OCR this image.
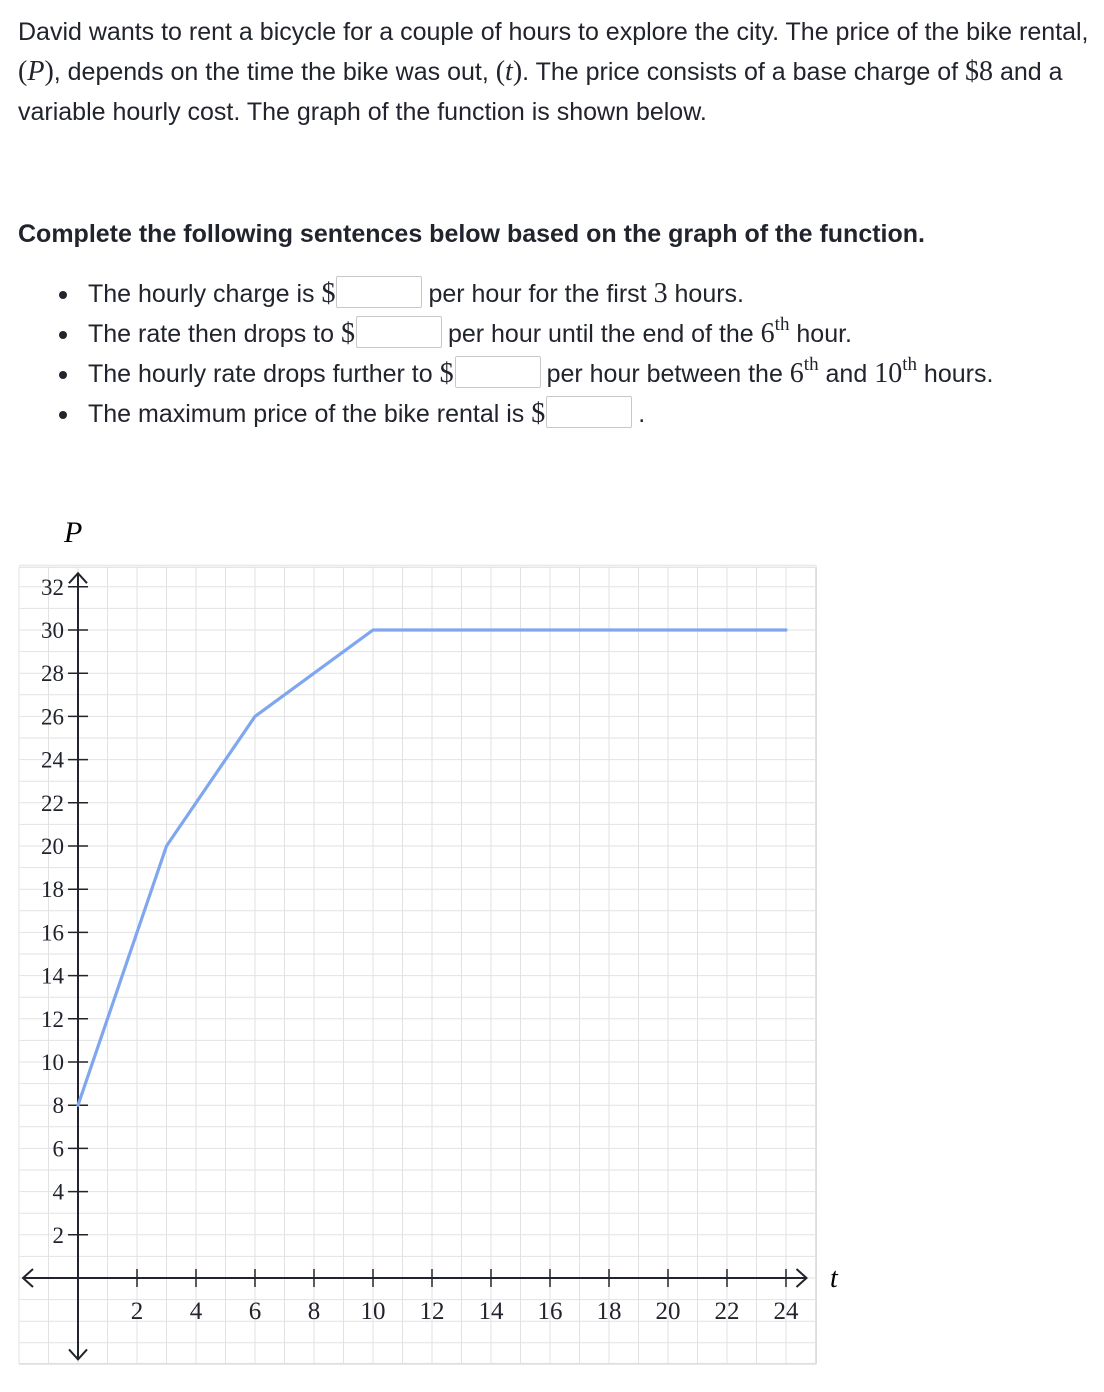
David wants to rent a bicycle for a couple of hours to explore the city. The price of the bike rental, (P), depends on the time the bike was out, (t). The price consists of a base charge of $8 and a variable hourly cost. The graph of the function is shown below.

Complete the following sentences below based on the graph of the function.

The hourly charge is $	per hour for the first 3 hours.
The rate then drops to $	per hour until the end of the 6th hour.
The hourly rate drops further to $	per hour between the 6th and 10th hours.
The maximum price of the bike rental is $	.
2 4 6 8 10 12 14 16 18 20 22 24
2
4
6
8
10
12
14
16
18
20
22
24
26
28
30
32
P
t
